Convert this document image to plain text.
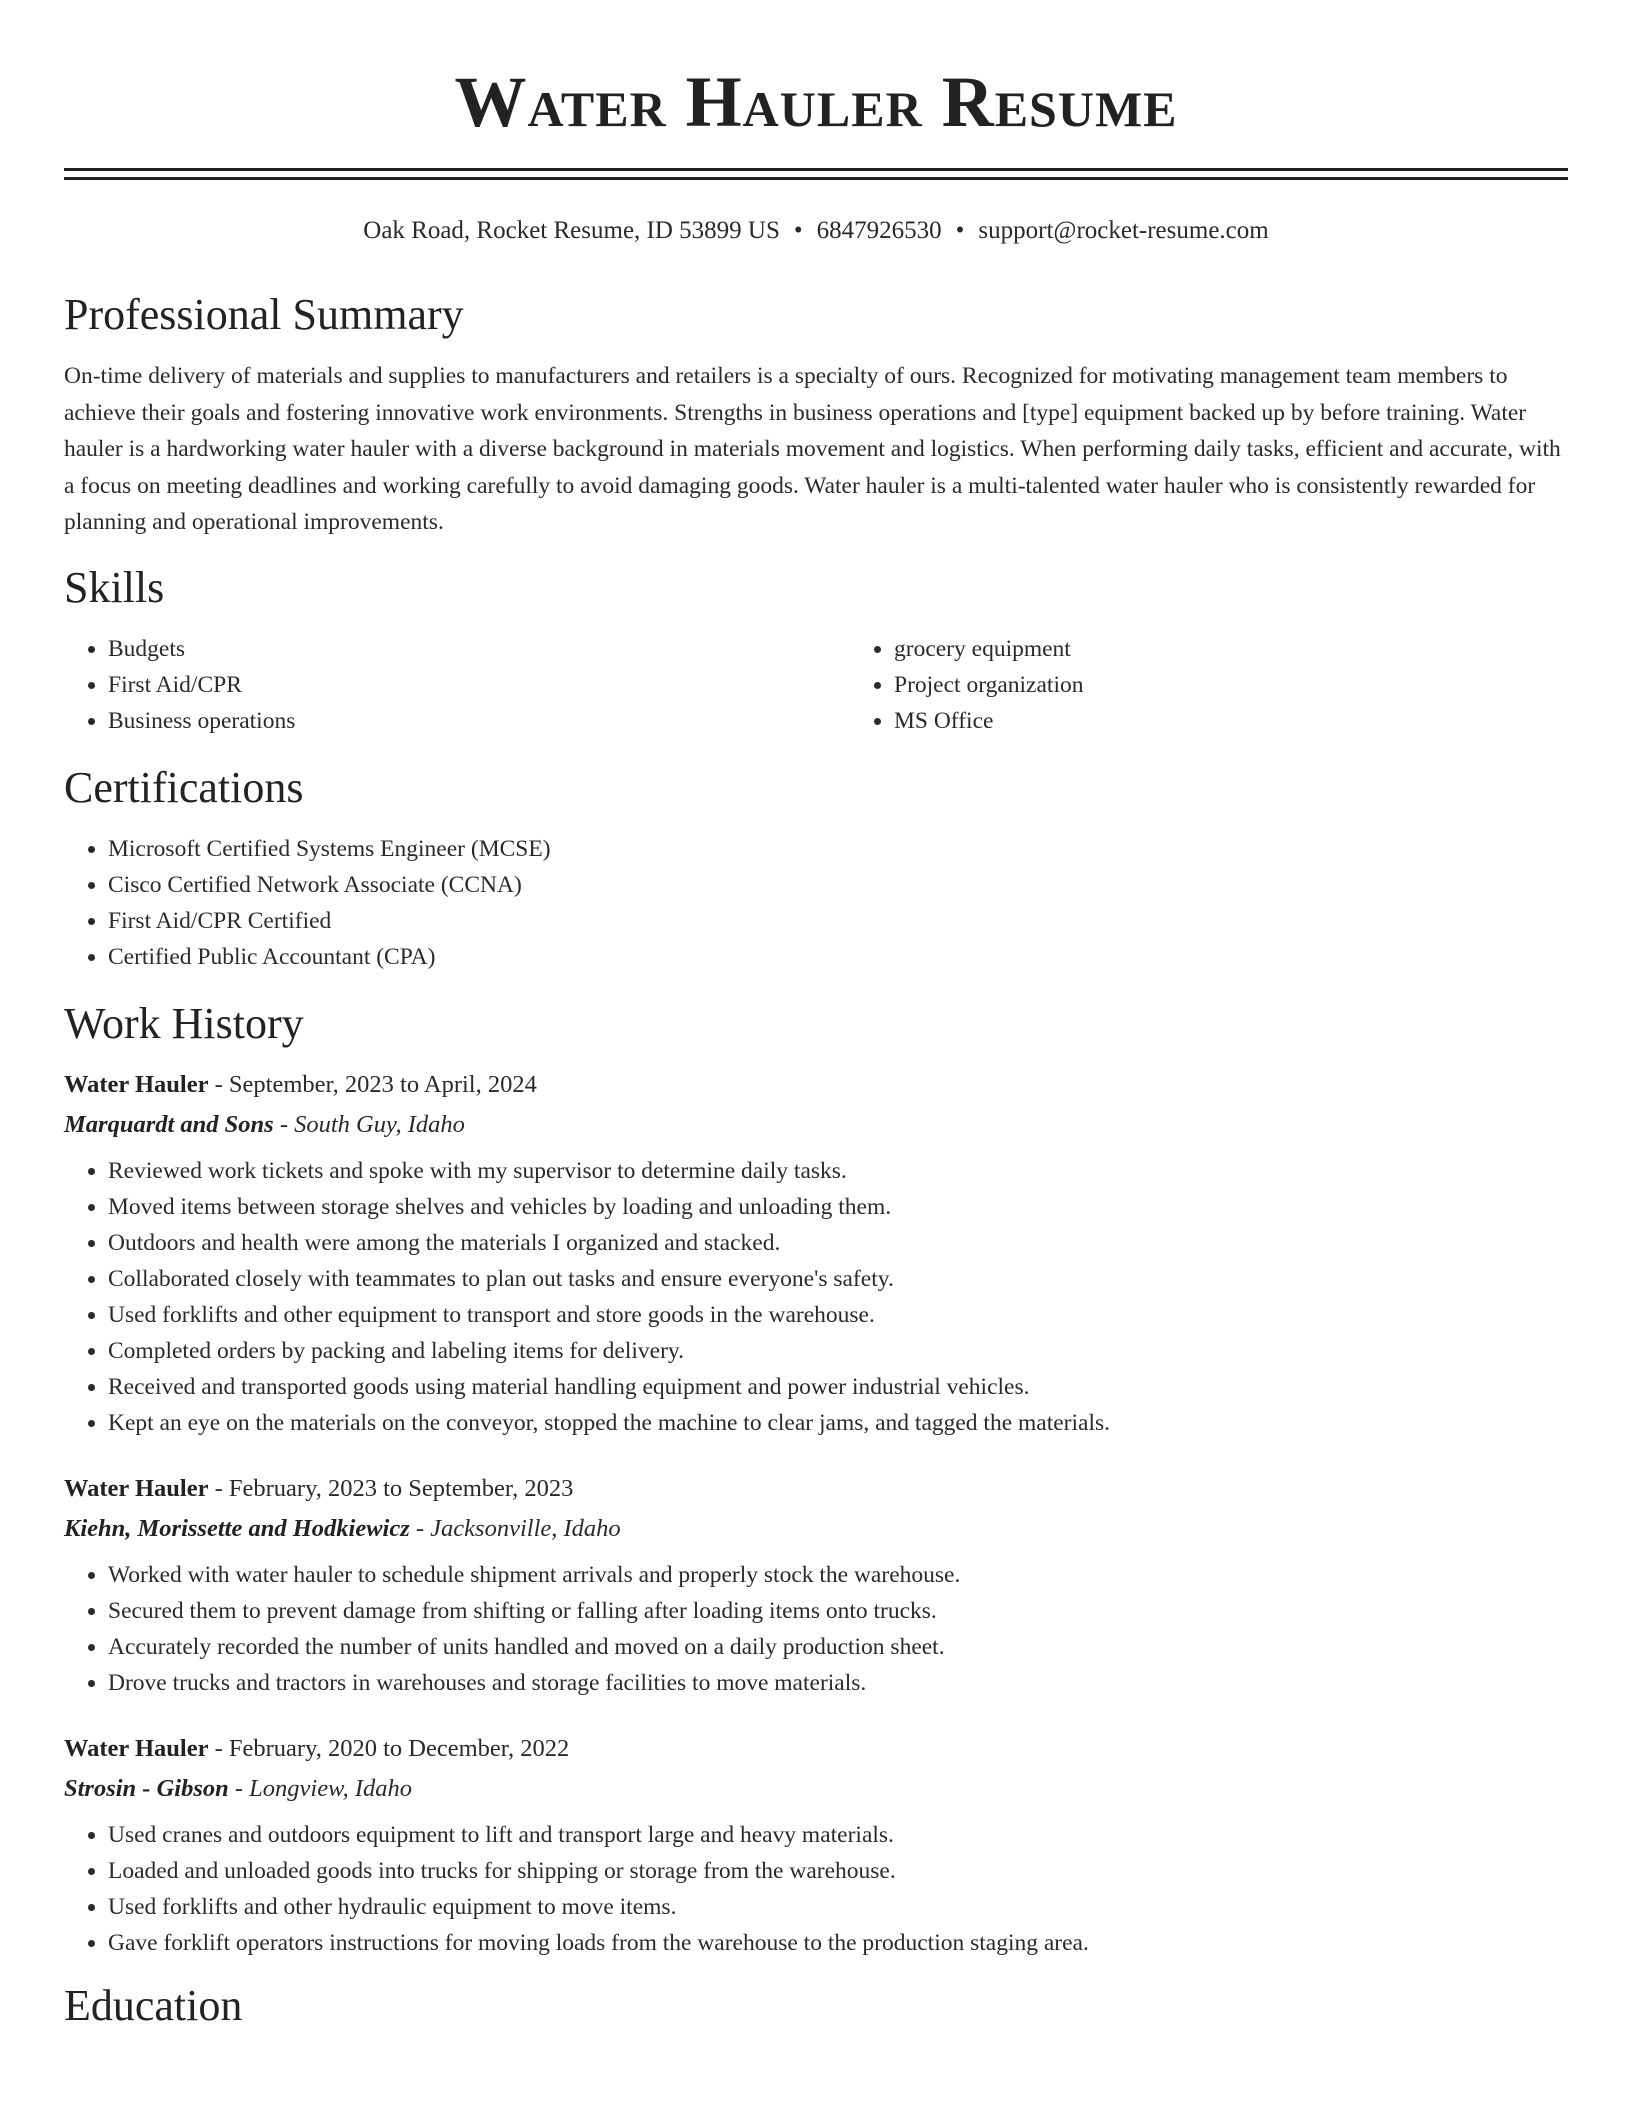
Water Hauler Resume
Oak Road, Rocket Resume, ID 53899 US • 6847926530 • support@rocket-resume.com
Professional Summary

On-time delivery of materials and supplies to manufacturers and retailers is a specialty of ours. Recognized for motivating management team members to achieve their goals and fostering innovative work environments. Strengths in business operations and [type] equipment backed up by before training. Water hauler is a hardworking water hauler with a diverse background in materials movement and logistics. When performing daily tasks, efficient and accurate, with a focus on meeting deadlines and working carefully to avoid damaging goods. Water hauler is a multi-talented water hauler who is consistently rewarded for planning and operational improvements.

Skills
• Budgets
• First Aid/CPR
• Business operations
• grocery equipment
• Project organization
• MS Office
Certifications
• Microsoft Certified Systems Engineer (MCSE)
• Cisco Certified Network Associate (CCNA)
• First Aid/CPR Certified
• Certified Public Accountant (CPA)
Work History
Water Hauler - September, 2023 to April, 2024
Marquardt and Sons - South Guy, Idaho
• Reviewed work tickets and spoke with my supervisor to determine daily tasks.
• Moved items between storage shelves and vehicles by loading and unloading them.
• Outdoors and health were among the materials I organized and stacked.
• Collaborated closely with teammates to plan out tasks and ensure everyone's safety.
• Used forklifts and other equipment to transport and store goods in the warehouse.
• Completed orders by packing and labeling items for delivery.
• Received and transported goods using material handling equipment and power industrial vehicles.
• Kept an eye on the materials on the conveyor, stopped the machine to clear jams, and tagged the materials.
Water Hauler - February, 2023 to September, 2023
Kiehn, Morissette and Hodkiewicz - Jacksonville, Idaho
• Worked with water hauler to schedule shipment arrivals and properly stock the warehouse.
• Secured them to prevent damage from shifting or falling after loading items onto trucks.
• Accurately recorded the number of units handled and moved on a daily production sheet.
• Drove trucks and tractors in warehouses and storage facilities to move materials.
Water Hauler - February, 2020 to December, 2022
Strosin - Gibson - Longview, Idaho
• Used cranes and outdoors equipment to lift and transport large and heavy materials.
• Loaded and unloaded goods into trucks for shipping or storage from the warehouse.
• Used forklifts and other hydraulic equipment to move items.
• Gave forklift operators instructions for moving loads from the warehouse to the production staging area.
Education
